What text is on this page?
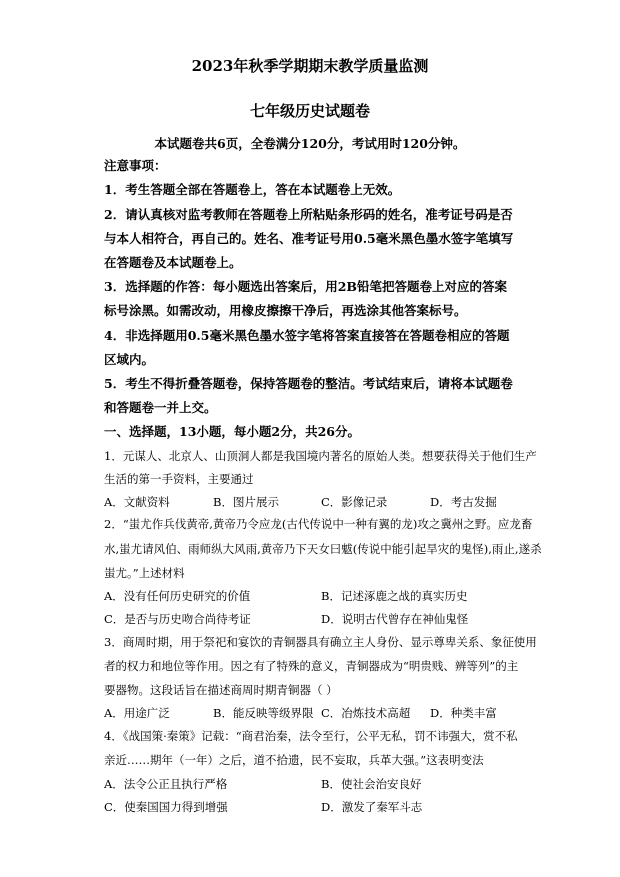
2023年秋季学期期末教学质量监测
七年级历史试题卷
本试题卷共6页，全卷满分120分，考试用时120分钟。
注意事项：
1．考生答题全部在答题卷上，答在本试题卷上无效。
2．请认真核对监考教师在答题卷上所粘贴条形码的姓名，准考证号码是否
与本人相符合，再自己的。姓名、准考证号用0.5毫米黑色墨水签字笔填写
在答题卷及本试题卷上。
3．选择题的作答：每小题选出答案后，用2B铅笔把答题卷上对应的答案
标号涂黑。如需改动，用橡皮擦擦干净后，再选涂其他答案标号。
4．非选择题用0.5毫米黑色墨水签字笔将答案直接答在答题卷相应的答题
区域内。
5．考生不得折叠答题卷，保持答题卷的整洁。考试结束后，请将本试题卷
和答题卷一并上交。
一、选择题，13小题，每小题2分，共26分。
1．元谋人、北京人、山顶洞人都是我国境内著名的原始人类。想要获得关于他们生产
生活的第一手资料，主要通过
A．文献资料	B．图片展示	C．影像记录	D．考古发掘
2．“蚩尤作兵伐黄帝,黄帝乃令应龙(古代传说中一种有翼的龙)攻之冀州之野。应龙畜
水,蚩尤请风伯、雨师纵大风雨,黄帝乃下天女曰魃(传说中能引起旱灾的鬼怪),雨止,遂杀
蚩尤。”上述材料
A．没有任何历史研究的价值	B．记述涿鹿之战的真实历史
C．是否与历史吻合尚待考证	D．说明古代曾存在神仙鬼怪
3．商周时期，用于祭祀和宴饮的青铜器具有确立主人身份、显示尊卑关系、象征使用
者的权力和地位等作用。因之有了特殊的意义，青铜器成为“明贵贱、辨等列”的主
要器物。这段话旨在描述商周时期青铜器（ ）
A．用途广泛	B．能反映等级界限 C．冶炼技术高超 D．种类丰富
4．《战国策·秦策》记载：“商君治秦，法令至行，公平无私，罚不讳强大，赏不私
亲近……期年（一年）之后，道不拾遗，民不妄取，兵革大强。”这表明变法
A．法令公正且执行严格	B．使社会治安良好
C．使秦国国力得到增强	D．激发了秦军斗志
